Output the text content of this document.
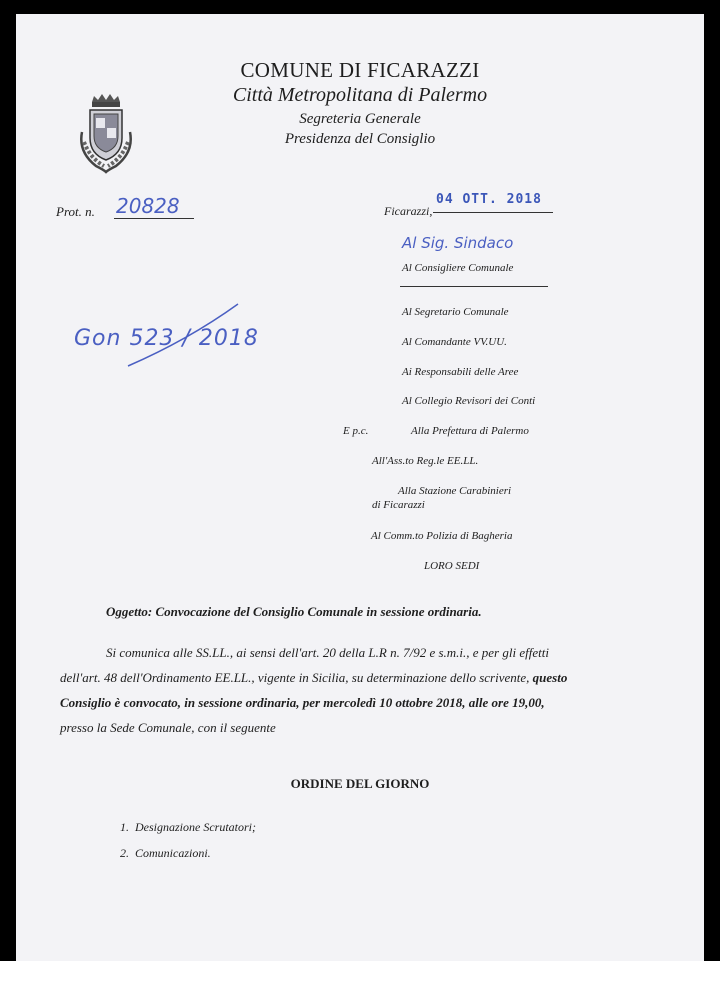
COMUNE DI FICARAZZI
Città Metropolitana di Palermo
Segreteria Generale
Presidenza del Consiglio
Prot. n. 20828	Ficarazzi,
04 OTT. 2018
Al Sig. Sindaco
Al Consigliere Comunale
Al Segretario Comunale
Al Comandante VV.UU.
Ai Responsabili delle Aree
Al Collegio Revisori dei Conti
Gon 523 / 2018
E p.c.	Alla Prefettura di Palermo
All'Ass.to Reg.le EE.LL.
Alla Stazione Carabinieri
di Ficarazzi
Al Comm.to Polizia di Bagheria
LORO SEDI
Oggetto: Convocazione del Consiglio Comunale in sessione ordinaria.
Si comunica alle SS.LL., ai sensi dell'art. 20 della L.R n. 7/92 e s.m.i., e per gli effetti
dell'art. 48 dell'Ordinamento EE.LL., vigente in Sicilia, su determinazione dello scrivente, questo
Consiglio è convocato, in sessione ordinaria, per mercoledì 10 ottobre 2018, alle ore 19,00,
presso la Sede Comunale, con il seguente
ORDINE DEL GIORNO
1. Designazione Scrutatori;
2. Comunicazioni.
